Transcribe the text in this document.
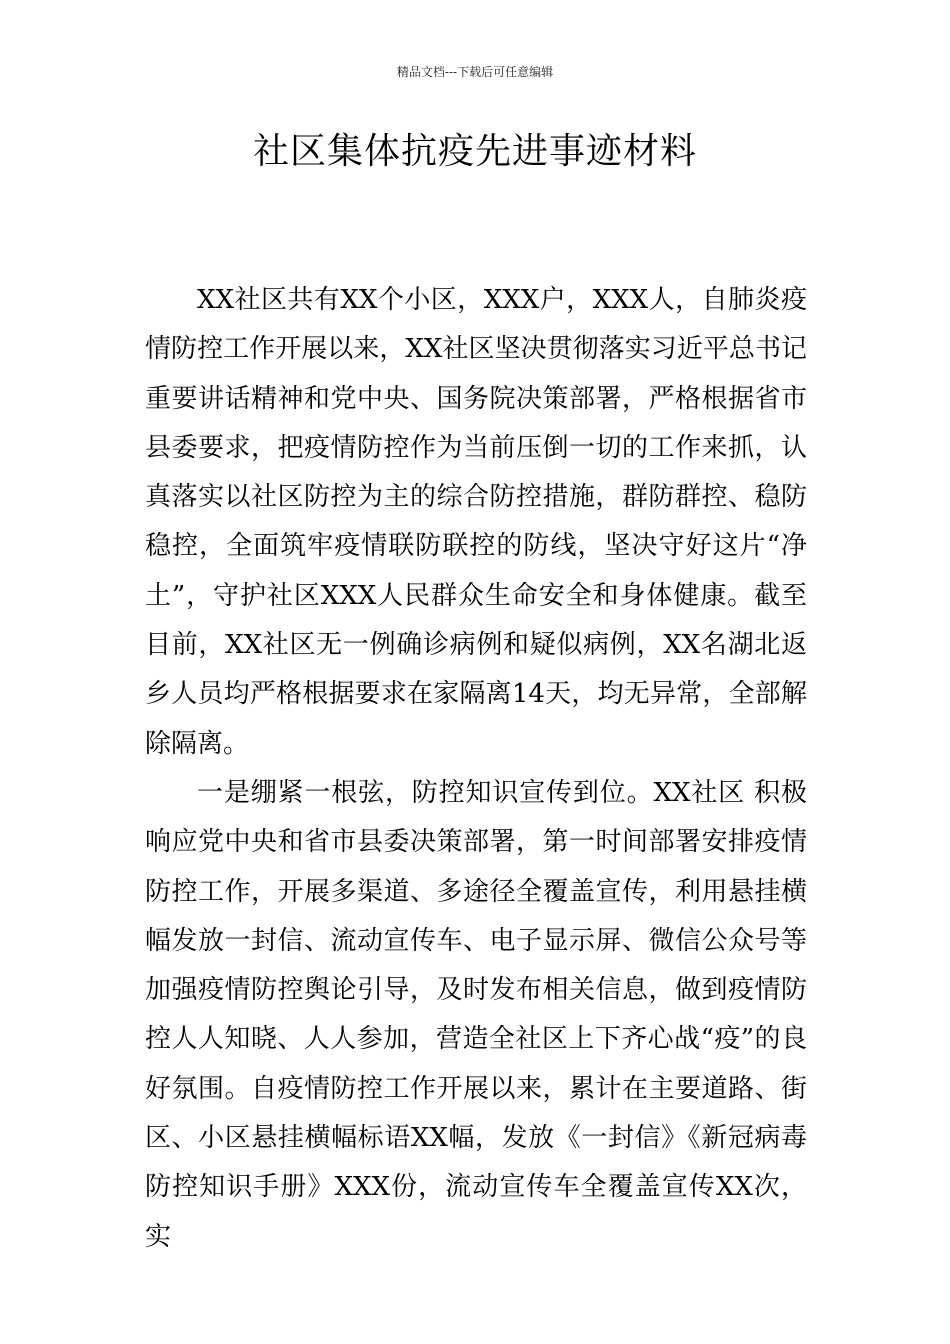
精品文档---下载后可任意编辑
社区集体抗疫先进事迹材料

XX社区共有XX个小区，XXX户，XXX人，自肺炎疫情防控工作开展以来，XX社区坚决贯彻落实习近平总书记重要讲话精神和党中央、国务院决策部署，严格根据省市县委要求，把疫情防控作为当前压倒一切的工作来抓，认真落实以社区防控为主的综合防控措施，群防群控、稳防稳控，全面筑牢疫情联防联控的防线，坚决守好这片“净土”，守护社区XXX人民群众生命安全和身体健康。截至目前，XX社区无一例确诊病例和疑似病例，XX名湖北返乡人员均严格根据要求在家隔离14天，均无异常，全部解除隔离。

一是绷紧一根弦，防控知识宣传到位。XX社区 积极响应党中央和省市县委决策部署，第一时间部署安排疫情防控工作，开展多渠道、多途径全覆盖宣传，利用悬挂横幅发放一封信、流动宣传车、电子显示屏、微信公众号等加强疫情防控舆论引导，及时发布相关信息，做到疫情防控人人知晓、人人参加，营造全社区上下齐心战“疫”的良好氛围。自疫情防控工作开展以来，累计在主要道路、街区、小区悬挂横幅标语XX幅，发放《一封信》《新冠病毒防控知识手册》XXX份，流动宣传车全覆盖宣传XX次，实
